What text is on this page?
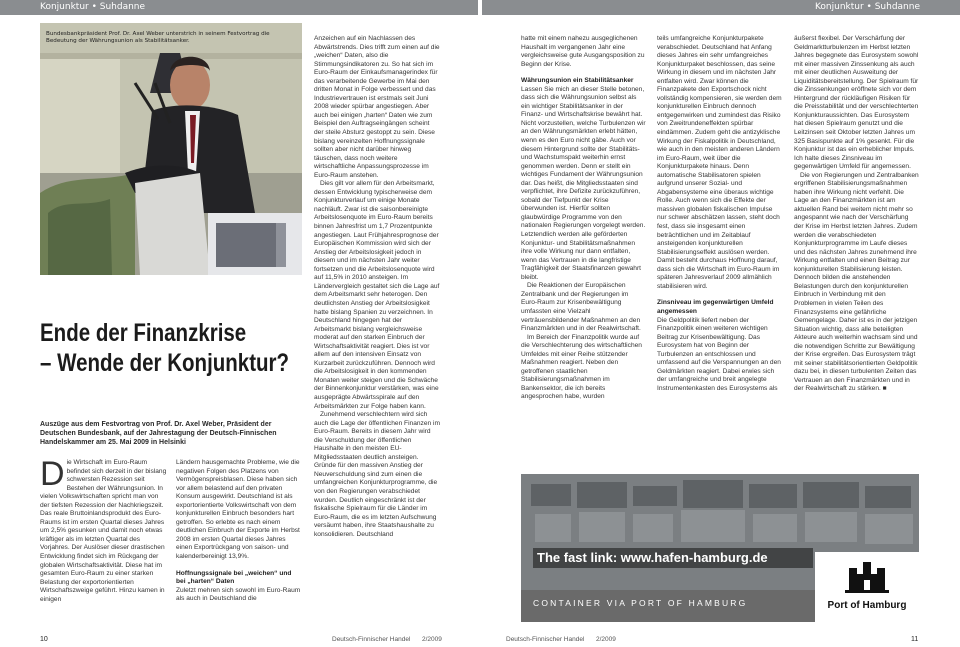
Konjunktur • Suhdanne	Konjunktur • Suhdanne
Bundesbankpräsident Prof. Dr. Axel Weber unterstrich in seinem Festvortrag die Bedeutung der Währungsunion als Stabilitätsanker.
Ende der Finanzkrise
– Wende der Konjunktur?
Auszüge aus dem Festvortrag von Prof. Dr. Axel Weber, Präsident der Deutschen Bundesbank, auf der Jahrestagung der Deutsch-Finnischen Handelskammer am 25. Mai 2009 in Helsinki
D ie Wirtschaft im Euro-Raum befindet sich derzeit in der bislang schwersten Rezession seit Bestehen der Währungsunion. In vielen Volkswirtschaften spricht man von der tiefsten Rezession der Nachkriegszeit. Das reale Bruttoinlandsprodukt des Euro-Raums ist im ersten Quartal dieses Jahres um 2,5% gesunken und damit noch etwas kräftiger als im letzten Quartal des Vorjahres. Der Auslöser dieser drastischen Entwicklung findet sich im Rückgang der globalen Wirtschaftsaktivität. Diese hat im gesamten Euro-Raum zu einer starken Belastung der exportorientierten Wirtschaftszweige geführt. Hinzu kamen in einigen

Ländern hausgemachte Probleme, wie die negativen Folgen des Platzens von Vermögenspreisblasen. Diese haben sich vor allem belastend auf den privaten Konsum ausgewirkt. Deutschland ist als exportorientierte Volkswirtschaft von dem konjunkturellen Einbruch besonders hart getroffen. So erlebte es nach einem deutlichen Einbruch der Exporte im Herbst 2008 im ersten Quartal dieses Jahres einen Exportrückgang von saison- und kalenderbereinigt 13,9%.

Hoffnungssignale bei „weichen“ und bei „harten“ Daten

Zuletzt mehren sich sowohl im Euro-Raum als auch in Deutschland die

Anzeichen auf ein Nachlassen des Abwärtstrends. Dies trifft zum einen auf die „weichen“ Daten, also die Stimmungsindikatoren zu. So hat sich im Euro-Raum der Einkaufsmanagerindex für das verarbeitende Gewerbe im Mai den dritten Monat in Folge verbessert und das Industrievertrauen ist erstmals seit Juni 2008 wieder spürbar angestiegen. Aber auch bei einigen „harten“ Daten wie zum Beispiel den Auftragseingängen scheint der steile Absturz gestoppt zu sein. Diese bislang vereinzelten Hoffnungssignale sollten aber nicht darüber hinweg täuschen, dass noch weitere wirtschaftliche Anpassungsprozesse im Euro-Raum anstehen.

Dies gilt vor allem für den Arbeitsmarkt, dessen Entwicklung typischerweise dem Konjunkturverlauf um einige Monate nachläuft. Zwar ist die saisonbereinigte Arbeitslosenquote im Euro-Raum bereits binnen Jahresfrist um 1,7 Prozentpunkte angestiegen. Laut Frühjahresprognose der Europäischen Kommission wird sich der Anstieg der Arbeitslosigkeit jedoch in diesem und im nächsten Jahr weiter fortsetzen und die Arbeitslosenquote wird auf 11,5% in 2010 ansteigen. Im Ländervergleich gestaltet sich die Lage auf dem Arbeitsmarkt sehr heterogen. Den deutlichsten Anstieg der Arbeitslosigkeit hatte bislang Spanien zu verzeichnen. In Deutschland hingegen hat der Arbeitsmarkt bislang vergleichsweise moderat auf den starken Einbruch der Wirtschaftsaktivität reagiert. Dies ist vor allem auf den intensiven Einsatz von Kurzarbeit zurückzuführen. Dennoch wird die Arbeitslosigkeit in den kommenden Monaten weiter steigen und die Schwäche der Binnenkonjunktur verstärken, was eine ausgeprägte Abwärtsspirale auf den Arbeitsmärkten zur Folge haben kann.

Zunehmend verschlechtern wird sich auch die Lage der öffentlichen Finanzen im Euro-Raum. Bereits in diesem Jahr wird die Verschuldung der öffentlichen Haushalte in den meisten EU-Mitgliedsstaaten deutlich ansteigen. Gründe für den massiven Anstieg der Neuverschuldung sind zum einen die umfangreichen Konjunkturprogramme, die von den Regierungen verabschiedet wurden. Deutlich eingeschränkt ist der fiskalische Spielraum für die Länder im Euro-Raum, die es im letzten Aufschwung versäumt haben, ihre Staatshaushalte zu konsolidieren. Deutschland

hatte mit einem nahezu ausgeglichenen Haushalt im vergangenen Jahr eine vergleichsweise gute Ausgangsposition zu Beginn der Krise.

Währungsunion ein Stabilitätsanker

Lassen Sie mich an dieser Stelle betonen, dass sich die Währungsunion selbst als ein wichtiger Stabilitätsanker in der Finanz- und Wirtschaftskrise bewährt hat. Nicht vorzustellen, welche Turbulenzen wir an den Währungsmärkten erlebt hätten, wenn es den Euro nicht gäbe. Auch vor diesem Hintergrund sollte der Stabilitäts- und Wachstumspakt weiterhin ernst genommen werden. Denn er stellt ein wichtiges Fundament der Währungsunion dar. Das heißt, die Mitgliedsstaaten sind verpflichtet, ihre Defizite zurückzuführen, sobald der Tiefpunkt der Krise überwunden ist. Hierfür sollten glaubwürdige Programme von den nationalen Regierungen vorgelegt werden. Letztendlich werden alle geförderten Konjunktur- und Stabilitätsmaßnahmen ihre volle Wirkung nur dann entfalten, wenn das Vertrauen in die langfristige Tragfähigkeit der Staatsfinanzen gewahrt bleibt.

Die Reaktionen der Europäischen Zentralbank und der Regierungen im Euro-Raum zur Krisenbewältigung umfassten eine Vielzahl verträuensbildender Maßnahmen an den Finanzmärkten und in der Realwirtschaft.

Im Bereich der Finanzpolitik wurde auf die Verschlechterung des wirtschaftlichen Umfeldes mit einer Reihe stützender Maßnahmen reagiert. Neben den getroffenen staatlichen Stabilisierungsmaßnahmen im Bankensektor, die ich bereits angesprochen habe, wurden

teils umfangreiche Konjunkturpakete verabschiedet. Deutschland hat Anfang dieses Jahres ein sehr umfangreiches Konjunkturpaket beschlossen, das seine Wirkung in diesem und im nächsten Jahr entfalten wird. Zwar können die Finanzpakete den Exportschock nicht vollständig kompensieren, sie werden dem konjunkturellen Einbruch dennoch entgegenwirken und zumindest das Risiko von Zweitrundeneffekten spürbar eindämmen. Zudem geht die antizyklische Wirkung der Fiskalpolitik in Deutschland, wie auch in den meisten anderen Ländern im Euro-Raum, weit über die Konjunkturpakete hinaus. Denn automatische Stabilisatoren spielen aufgrund unserer Sozial- und Abgabensysteme eine überaus wichtige Rolle. Auch wenn sich die Effekte der massiven globalen fiskalischen Impulse nur schwer abschätzen lassen, steht doch fest, dass sie insgesamt einen beträchtlichen und im Zeitablauf ansteigenden konjunkturellen Stabilisierungseffekt auslösen werden. Damit besteht durchaus Hoffnung darauf, dass sich die Wirtschaft im Euro-Raum im späteren Jahresverlauf 2009 allmählich stabilisieren wird.

Zinsniveau im gegenwärtigen Umfeld angemessen

Die Geldpolitik liefert neben der Finanzpolitik einen weiteren wichtigen Beitrag zur Krisenbewältigung. Das Eurosystem hat von Beginn der Turbulenzen an entschlossen und umfassend auf die Verspannungen an den Geldmärkten reagiert. Dabei erwies sich der umfangreiche und breit angelegte Instrumentenkasten des Eurosystems als

äußerst flexibel. Der Verschärfung der Geldmarktturbulenzen im Herbst letzten Jahres begegnete das Eurosystem sowohl mit einer massiven Zinssenkung als auch mit einer deutlichen Ausweitung der Liquiditätsbereitstellung. Der Spielraum für die Zinssenkungen eröffnete sich vor dem Hintergrund der rückläufigen Risiken für die Preisstabilität und der verschlechterten Konjunkturaussichten. Das Eurosystem hat diesen Spielraum genutzt und die Leitzinsen seit Oktober letzten Jahres um 325 Basispunkte auf 1% gesenkt. Für die Konjunktur ist das ein erheblicher Impuls. Ich halte dieses Zinsniveau im gegenwärtigen Umfeld für angemessen.

Die von Regierungen und Zentralbanken ergriffenen Stabilisierungsmaßnahmen haben ihre Wirkung nicht verfehlt. Die Lage an den Finanzmärkten ist am aktuellen Rand bei weitem nicht mehr so angespannt wie nach der Verschärfung der Krise im Herbst letzten Jahres. Zudem werden die verabschiedeten Konjunkturprogramme im Laufe dieses und des nächsten Jahres zunehmend ihre Wirkung entfalten und einen Beitrag zur konjunkturellen Stabilisierung leisten. Dennoch bilden die anstehenden Belastungen durch den konjunkturellen Einbruch in Verbindung mit den Problemen in vielen Teilen des Finanzsystems eine gefährliche Gemengelage. Daher ist es in der jetzigen Situation wichtig, dass alle beteiligten Akteure auch weiterhin wachsam sind und die notwendigen Schritte zur Bewältigung der Krise ergreifen. Das Eurosystem trägt mit seiner stabilitätsorientierten Geldpolitik dazu bei, in diesen turbulenten Zeiten das Vertrauen an den Finanzmärkten und in der Realwirtschaft zu stärken. ■

The fast link: www.hafen-hamburg.de
CONTAINER VIA PORT OF HAMBURG	Port of Hamburg
10	Deutsch-Finnischer Handel 2/2009	Deutsch-Finnischer Handel 2/2009	11
